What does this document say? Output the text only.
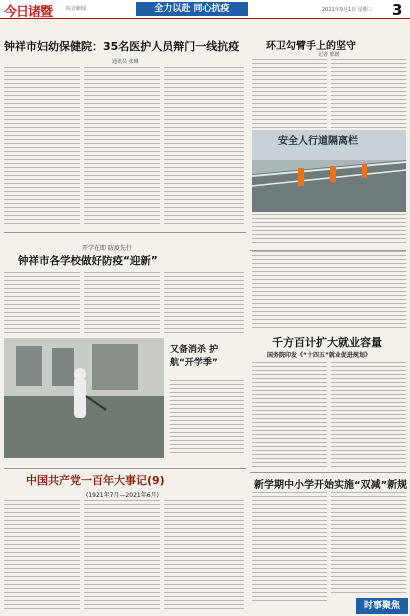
今日诸暨	综合新闻	全力以赴 同心抗疫	2021年9月1日 星期三 3
钟祥市妇幼保健院：35名医护人员辩门一线抗疫
通讯员 张琳
环卫勾臂手上的坚守
记者 邢媛
安全人行道隔离栏
开学在即 防疫先行
钟祥市各学校做好防疫“迎新”
又备消杀 护航“开学季”
千方百计扩大就业容量
国务院印发《“十四五”就业促进规划》
中国共产党一百年大事记(9)
(1921年7月—2021年6月)
新学期中小学开始实施“双减”新规
时事聚焦
